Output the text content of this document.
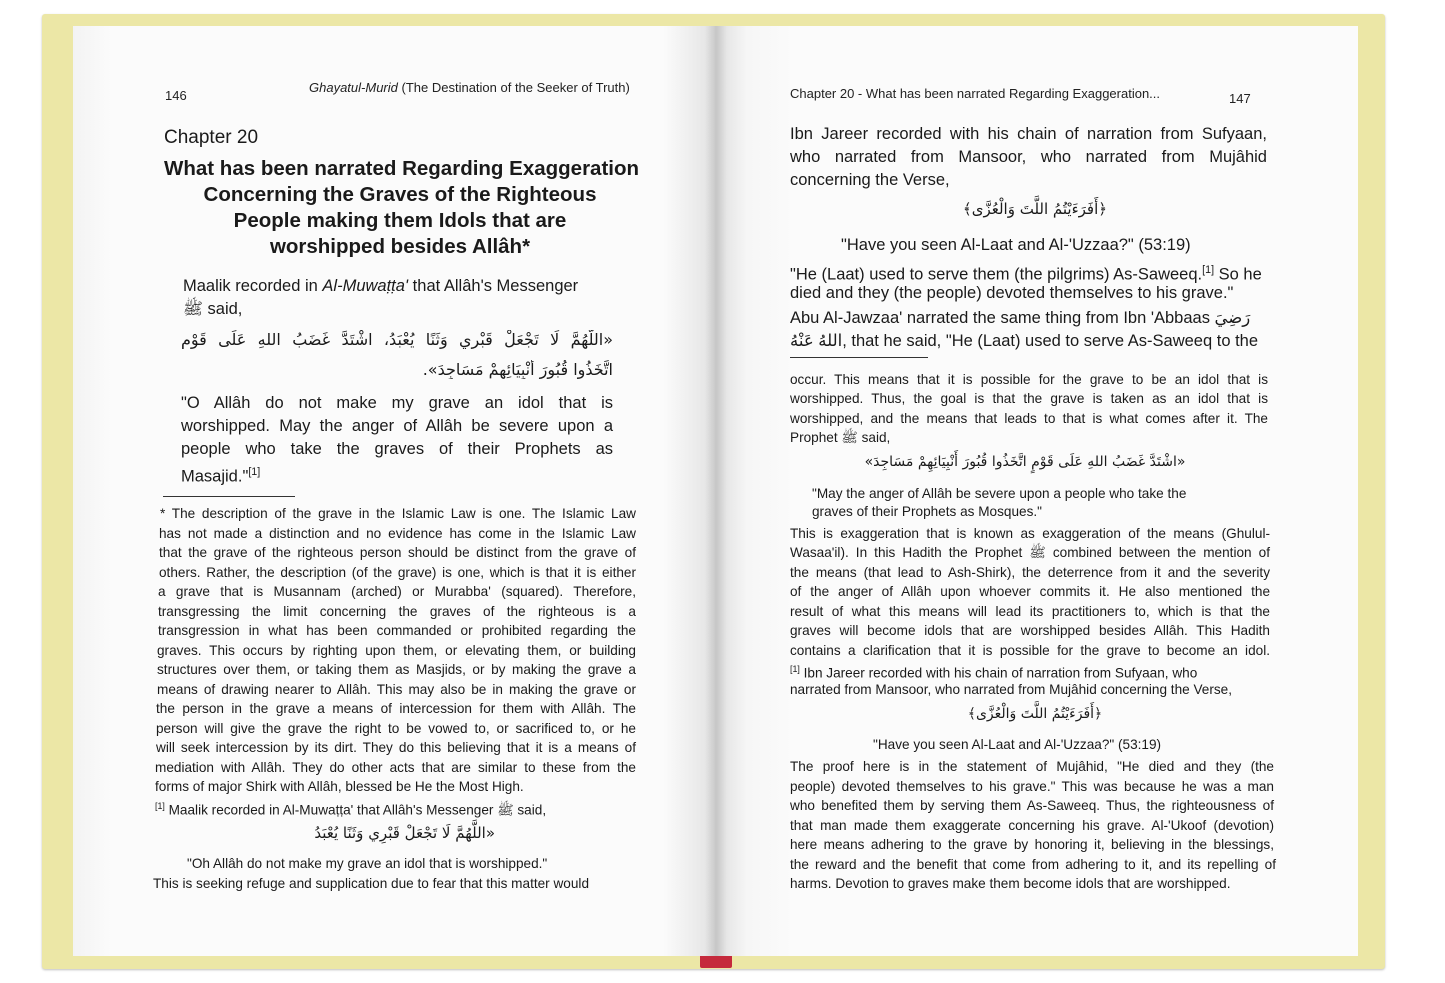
146
Ghayatul-Murid (The Destination of the Seeker of Truth)
Chapter 20
What has been narrated Regarding Exaggeration
Concerning the Graves of the Righteous
People making them Idols that are
worshipped besides Allâh*
Maalik recorded in Al-Muwaṭṭa' that Allâh's Messenger
ﷺ said,
«اللَّهُمَّ لَا تَجْعَلْ قَبْرِي وَثَنًا يُعْبَدُ، اشْتَدَّ غَضَبُ اللهِ عَلَى قَوْمٍ
اتَّخَذُوا قُبُورَ أَنْبِيَائِهِمْ مَسَاجِدَ».
"O Allâh do not make my grave an idol that is
worshipped. May the anger of Allâh be severe upon a
people who take the graves of their Prophets as
Masajid."[1]
* The description of the grave in the Islamic Law is one. The Islamic Law
has not made a distinction and no evidence has come in the Islamic Law
that the grave of the righteous person should be distinct from the grave of
others. Rather, the description (of the grave) is one, which is that it is either
a grave that is Musannam (arched) or Murabba' (squared). Therefore,
transgressing the limit concerning the graves of the righteous is a
transgression in what has been commanded or prohibited regarding the
graves. This occurs by righting upon them, or elevating them, or building
structures over them, or taking them as Masjids, or by making the grave a
means of drawing nearer to Allâh. This may also be in making the grave or
the person in the grave a means of intercession for them with Allâh. The
person will give the grave the right to be vowed to, or sacrificed to, or he
will seek intercession by its dirt. They do this believing that it is a means of
mediation with Allâh. They do other acts that are similar to these from the
forms of major Shirk with Allâh, blessed be He the Most High.
[1] Maalik recorded in Al-Muwaṭṭa' that Allâh's Messenger ﷺ said,
«اللَّهُمَّ لَا تَجْعَلْ قَبْرِي وَثَنًا يُعْبَدُ
"Oh Allâh do not make my grave an idol that is worshipped."
This is seeking refuge and supplication due to fear that this matter would
Chapter 20 - What has been narrated Regarding Exaggeration...	147
Ibn Jareer recorded with his chain of narration from Sufyaan,
who narrated from Mansoor, who narrated from Mujâhid
concerning the Verse,
﴿أَفَرَءَيْتُمُ اللَّتَ وَالْعُزَّى﴾
"Have you seen Al-Laat and Al-'Uzzaa?" (53:19)
"He (Laat) used to serve them (the pilgrims) As-Saweeq.[1] So he
died and they (the people) devoted themselves to his grave."
Abu Al-Jawzaa' narrated the same thing from Ibn 'Abbaas رَضِيَ
اللهُ عَنْهُ, that he said, "He (Laat) used to serve As-Saweeq to the
occur. This means that it is possible for the grave to be an idol that is
worshipped. Thus, the goal is that the grave is taken as an idol that is
worshipped, and the means that leads to that is what comes after it. The
Prophet ﷺ said,
«اشْتَدَّ غَضَبُ اللهِ عَلَى قَوْمٍ اتَّخَذُوا قُبُورَ أَنْبِيَائِهِمْ مَسَاجِدَ»
"May the anger of Allâh be severe upon a people who take the
graves of their Prophets as Mosques."
This is exaggeration that is known as exaggeration of the means (Ghulul-
Wasaa'il). In this Hadith the Prophet ﷺ combined between the mention of
the means (that lead to Ash-Shirk), the deterrence from it and the severity
of the anger of Allâh upon whoever commits it. He also mentioned the
result of what this means will lead its practitioners to, which is that the
graves will become idols that are worshipped besides Allâh. This Hadith
contains a clarification that it is possible for the grave to become an idol.
[1] Ibn Jareer recorded with his chain of narration from Sufyaan, who
narrated from Mansoor, who narrated from Mujâhid concerning the Verse,
﴿أَفَرَءَيْتُمُ اللَّتَ وَالْعُزَّى﴾
"Have you seen Al-Laat and Al-'Uzzaa?" (53:19)
The proof here is in the statement of Mujâhid, "He died and they (the
people) devoted themselves to his grave." This was because he was a man
who benefited them by serving them As-Saweeq. Thus, the righteousness of
that man made them exaggerate concerning his grave. Al-'Ukoof (devotion)
here means adhering to the grave by honoring it, believing in the blessings,
the reward and the benefit that come from adhering to it, and its repelling of
harms. Devotion to graves make them become idols that are worshipped.
